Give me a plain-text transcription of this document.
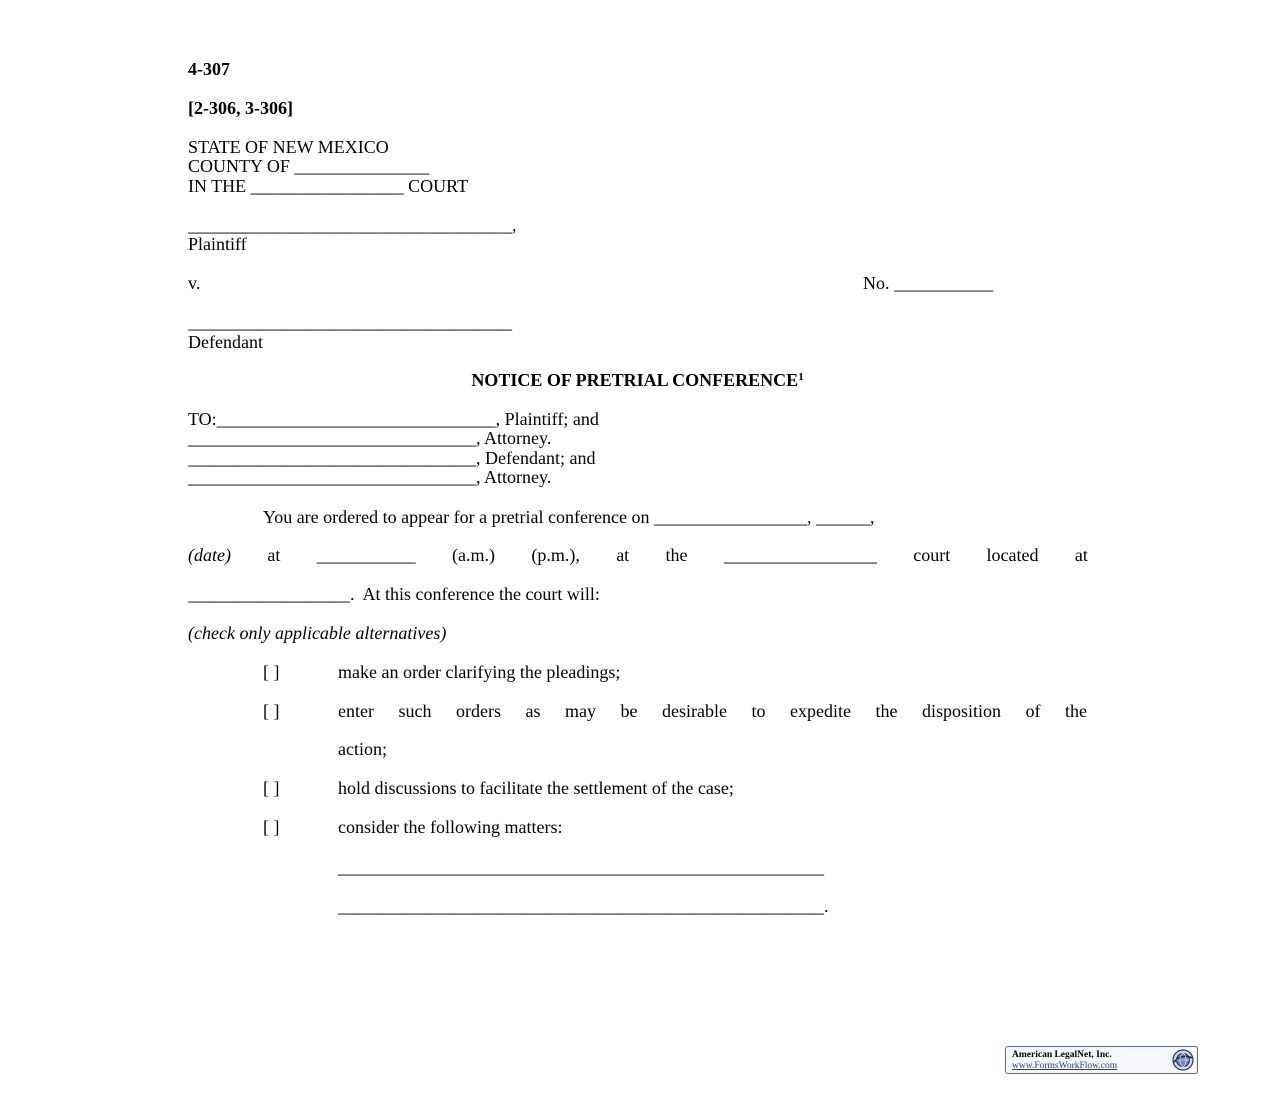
4-307
[2-306, 3-306]
STATE OF NEW MEXICO
COUNTY OF _______________
IN THE _________________ COURT
____________________________________,
Plaintiff
v.	No. ___________
____________________________________
Defendant
NOTICE OF PRETRIAL CONFERENCE$^1$
TO:_______________________________, Plaintiff; and
________________________________, Attorney.
________________________________, Defendant; and
________________________________, Attorney.
You are ordered to appear for a pretrial conference on _________________, ______,
(date) at ___________ (a.m.) (p.m.), at the _________________ court located at
__________________.  At this conference the court will:
(check only applicable alternatives)
[ ]	make an order clarifying the pleadings;
[ ]	enter such orders as may be desirable to expedite the disposition of the
action;
[ ]	hold discussions to facilitate the settlement of the case;
[ ]	consider the following matters:
______________________________________________________
______________________________________________________.
American LegalNet, Inc.
www.FormsWorkFlow.com
